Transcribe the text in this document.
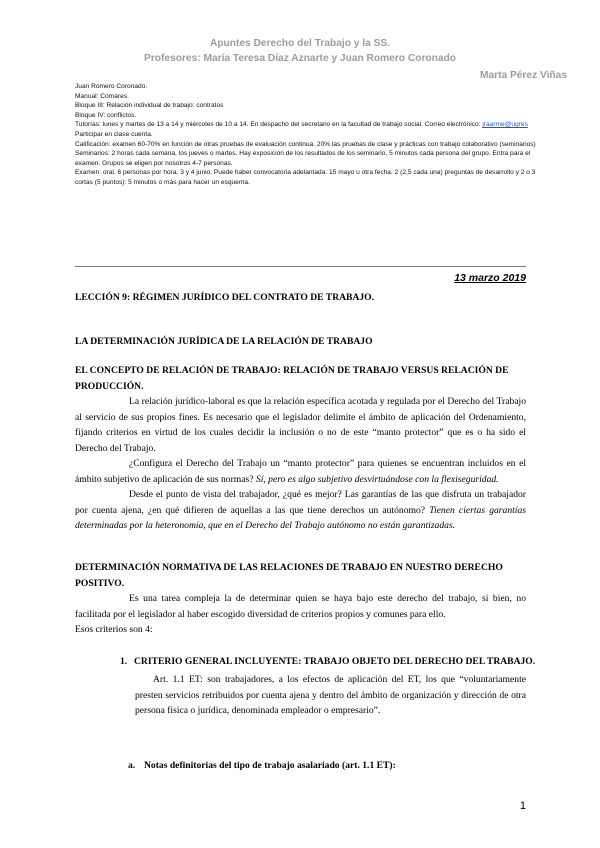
Apuntes Derecho del Trabajo y la SS.
Profesores: María Teresa Díaz Aznarte y Juan Romero Coronado
Marta Pérez Viñas

Juan Romero Coronado.

Manual: Comares.

Bloque III: Relación individual de trabajo: contratos

Bloque IV: conflictos.

Tutorías: lunes y martes de 13 a 14 y miércoles de 10 a 14. En despacho del secretario en la facultad de trabajo social. Correo electrónico: jraarme@ugres

Participar en clase cuenta.

Calificación: examen 60-70% en función de otras pruebas de evaluación continua. 20% las pruebas de clase y prácticas con trabajo colaborativo (seminarios)

Seminarios: 2 horas cada semana, los jueves o martes. Hay exposición de los resultados de los seminario, 5 minutos cada persona del grupo. Entra para el examen. Grupos se eligen por nosotros 4-7 personas.

Examen: oral. 6 personas por hora. 3 y 4 junio. Puede haber convocatoria adelantada: 15 mayo u otra fecha. 2 (2,5 cada una) preguntas de desarrollo y 2 o 3 cortas (5 puntos): 5 minutos o más para hacer un esquema.

13 marzo 2019
LECCIÓN 9: RÉGIMEN JURÍDICO DEL CONTRATO DE TRABAJO.
LA DETERMINACIÓN JURÍDICA DE LA RELACIÓN DE TRABAJO
EL CONCEPTO DE RELACIÓN DE TRABAJO: RELACIÓN DE TRABAJO VERSUS RELACIÓN DE PRODUCCIÓN.

La relación jurídico-laboral es que la relación específica acotada y regulada por el Derecho del Trabajo al servicio de sus propios fines. Es necesario que el legislador delimite el ámbito de aplicación del Ordenamiento, fijando criterios en virtud de los cuales decidir la inclusión o no de este “manto protector” que es o ha sido el Derecho del Trabajo.

¿Configura el Derecho del Trabajo un “manto protector” para quienes se encuentran incluidos en el ámbito subjetivo de aplicación de sus normas? Sí, pero es algo subjetivo desvirtuándose con la flexiseguridad.

Desde el punto de vista del trabajador, ¿qué es mejor? Las garantías de las que disfruta un trabajador por cuenta ajena, ¿en qué difieren de aquellas a las que tiene derechos un autónomo? Tienen ciertas garantías determinadas por la heteronomía, que en el Derecho del Trabajo autónomo no están garantizadas.

DETERMINACIÓN NORMATIVA DE LAS RELACIONES DE TRABAJO EN NUESTRO DERECHO POSITIVO.

Es una tarea compleja la de determinar quien se haya bajo este derecho del trabajo, si bien, no facilitada por el legislador al haber escogido diversidad de criterios propios y comunes para ello.

Esos criterios son 4:

1. CRITERIO GENERAL INCLUYENTE: TRABAJO OBJETO DEL DERECHO DEL TRABAJO.

Art. 1.1 ET: son trabajadores, a los efectos de aplicación del ET, los que “voluntariamente presten servicios retribuidos por cuenta ajena y dentro del ámbito de organización y dirección de otra persona física o jurídica, denominada empleador o empresario”.

a. Notas definitorias del tipo de trabajo asalariado (art. 1.1 ET):
1
